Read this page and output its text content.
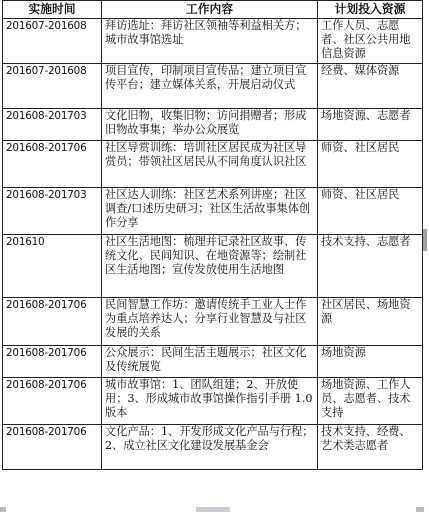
实施时间	工作内容	计划投入资源
201607-201608	拜访选址：拜访社区领袖等利益相关方；城市故事馆选址	工作人员、志愿者、社区公共用地信息资源
201607-201608	项目宣传，印制项目宣传品；建立项目宣传平台；建立媒体关系，开展启动仪式	经费、媒体资源
201608-201703	文化旧物，收集旧物；访问捐赠者；形成旧物故事集；举办公众展览	场地资源、志愿者
201608-201706	社区导赏训练：培训社区居民成为社区导赏员；带领社区居民从不同角度认识社区	师资、社区居民
201608-201703	社区达人训练：社区艺术系列讲座；社区调查/口述历史研习；社区生活故事集体创作分享	师资、社区居民
201610	社区生活地图：梳理并记录社区故事、传统文化、民间知识、在地资源等；绘制社区生活地图；宣传发放使用生活地图	技术支持、志愿者
201608-201706	民间智慧工作坊：邀请传统手工业人士作为重点培养达人；分享行业智慧及与社区发展的关系	社区居民、场地资源
201608-201706	公众展示：民间生活主题展示；社区文化及传统展览	场地资源
201608-201706	城市故事馆：1、团队组建；2、开放使用；3、形成城市故事馆操作指引手册 1.0 版本	场地资源、工作人员、志愿者、技术支持
201608-201706	文化产品：1、开发形成文化产品与行程；2、成立社区文化建设发展基金会	技术支持、经费、艺术类志愿者
